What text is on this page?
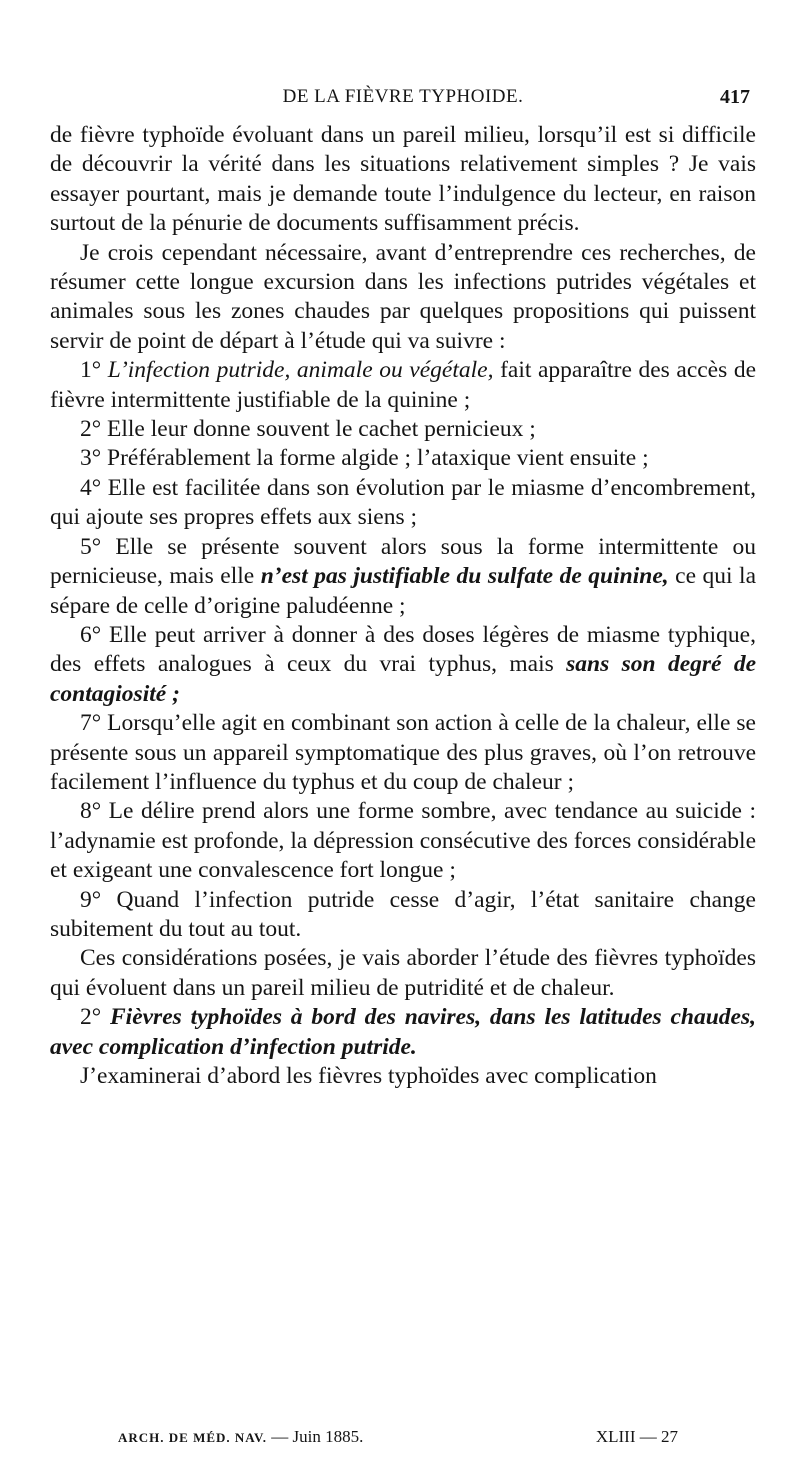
DE LA FIÈVRE TYPHOIDE.	417

de fièvre typhoïde évoluant dans un pareil milieu, lorsqu’il est si difficile de découvrir la vérité dans les situations relativement simples ? Je vais essayer pourtant, mais je demande toute l’indulgence du lecteur, en raison surtout de la pénurie de documents suffisamment précis.

Je crois cependant nécessaire, avant d’entreprendre ces recherches, de résumer cette longue excursion dans les infections putrides végétales et animales sous les zones chaudes par quelques propositions qui puissent servir de point de départ à l’étude qui va suivre :

1° L’infection putride, animale ou végétale, fait apparaître des accès de fièvre intermittente justifiable de la quinine ;

2° Elle leur donne souvent le cachet pernicieux ;

3° Préférablement la forme algide ; l’ataxique vient ensuite ;

4° Elle est facilitée dans son évolution par le miasme d’encombrement, qui ajoute ses propres effets aux siens ;

5° Elle se présente souvent alors sous la forme intermittente ou pernicieuse, mais elle n’est pas justifiable du sulfate de quinine, ce qui la sépare de celle d’origine paludéenne ;

6° Elle peut arriver à donner à des doses légères de miasme typhique, des effets analogues à ceux du vrai typhus, mais sans son degré de contagiosité ;

7° Lorsqu’elle agit en combinant son action à celle de la chaleur, elle se présente sous un appareil symptomatique des plus graves, où l’on retrouve facilement l’influence du typhus et du coup de chaleur ;

8° Le délire prend alors une forme sombre, avec tendance au suicide : l’adynamie est profonde, la dépression consécutive des forces considérable et exigeant une convalescence fort longue ;

9° Quand l’infection putride cesse d’agir, l’état sanitaire change subitement du tout au tout.

Ces considérations posées, je vais aborder l’étude des fièvres typhoïdes qui évoluent dans un pareil milieu de putridité et de chaleur.

2° Fièvres typhoïdes à bord des navires, dans les latitudes chaudes, avec complication d’infection putride.

J’examinerai d’abord les fièvres typhoïdes avec complication

ARCH. DE MÉD. NAV. — Juin 1885.	XLIII — 27
